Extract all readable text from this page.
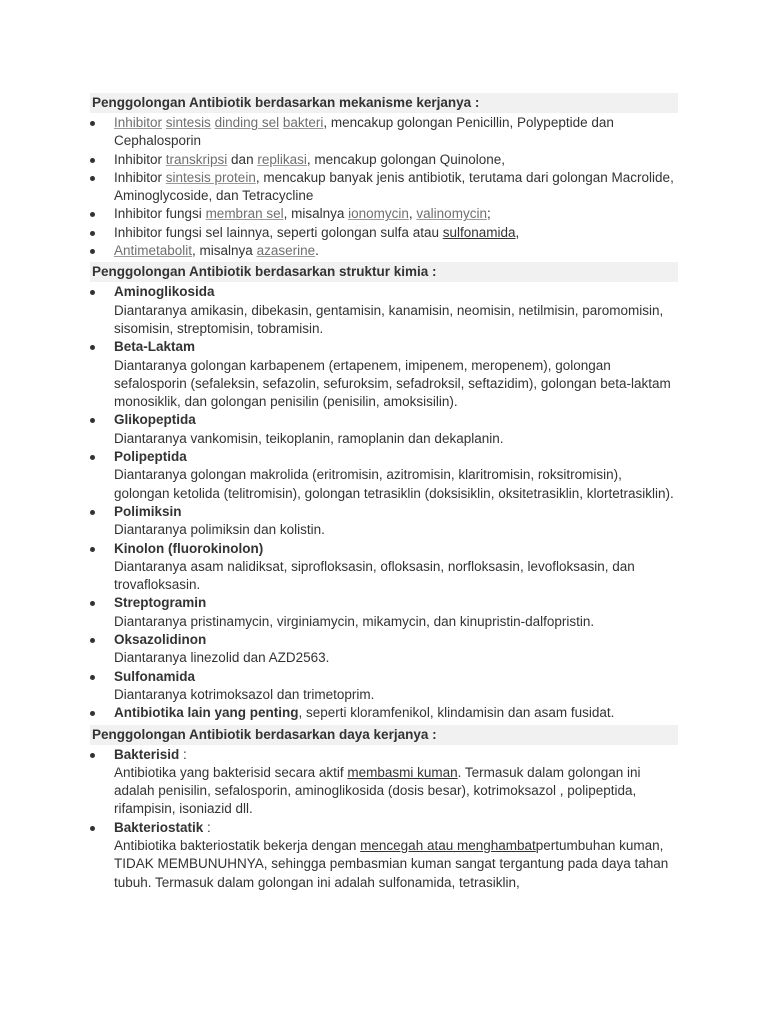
Penggolongan Antibiotik berdasarkan mekanisme kerjanya :
Inhibitor sintesis dinding sel bakteri, mencakup golongan Penicillin, Polypeptide dan Cephalosporin
Inhibitor transkripsi dan replikasi, mencakup golongan Quinolone,
Inhibitor sintesis protein, mencakup banyak jenis antibiotik, terutama dari golongan Macrolide, Aminoglycoside, dan Tetracycline
Inhibitor fungsi membran sel, misalnya ionomycin, valinomycin;
Inhibitor fungsi sel lainnya, seperti golongan sulfa atau sulfonamida,
Antimetabolit, misalnya azaserine.
Penggolongan Antibiotik berdasarkan struktur kimia :
Aminoglikosida
Diantaranya amikasin, dibekasin, gentamisin, kanamisin, neomisin, netilmisin, paromomisin, sisomisin, streptomisin, tobramisin.
Beta-Laktam
Diantaranya golongan karbapenem (ertapenem, imipenem, meropenem), golongan sefalosporin (sefaleksin, sefazolin, sefuroksim, sefadroksil, seftazidim), golongan beta-laktam monosiklik, dan golongan penisilin (penisilin, amoksisilin).
Glikopeptida
Diantaranya vankomisin, teikoplanin, ramoplanin dan dekaplanin.
Polipeptida
Diantaranya golongan makrolida (eritromisin, azitromisin, klaritromisin, roksitromisin), golongan ketolida (telitromisin), golongan tetrasiklin (doksisiklin, oksitetrasiklin, klortetrasiklin).
Polimiksin
Diantaranya polimiksin dan kolistin.
Kinolon (fluorokinolon)
Diantaranya asam nalidiksat, siprofloksasin, ofloksasin, norfloksasin, levofloksasin, dan trovafloksasin.
Streptogramin
Diantaranya pristinamycin, virginiamycin, mikamycin, dan kinupristin-dalfopristin.
Oksazolidinon
Diantaranya linezolid dan AZD2563.
Sulfonamida
Diantaranya kotrimoksazol dan trimetoprim.
Antibiotika lain yang penting, seperti kloramfenikol, klindamisin dan asam fusidat.
Penggolongan Antibiotik berdasarkan daya kerjanya :
Bakterisid :
Antibiotika yang bakterisid secara aktif membasmi kuman. Termasuk dalam golongan ini adalah penisilin, sefalosporin, aminoglikosida (dosis besar), kotrimoksazol , polipeptida, rifampisin, isoniazid dll.
Bakteriostatik :
Antibiotika bakteriostatik bekerja dengan mencegah atau menghambatpertumbuhan kuman, TIDAK MEMBUNUHNYA, sehingga pembasmian kuman sangat tergantung pada daya tahan tubuh. Termasuk dalam golongan ini adalah sulfonamida, tetrasiklin,
